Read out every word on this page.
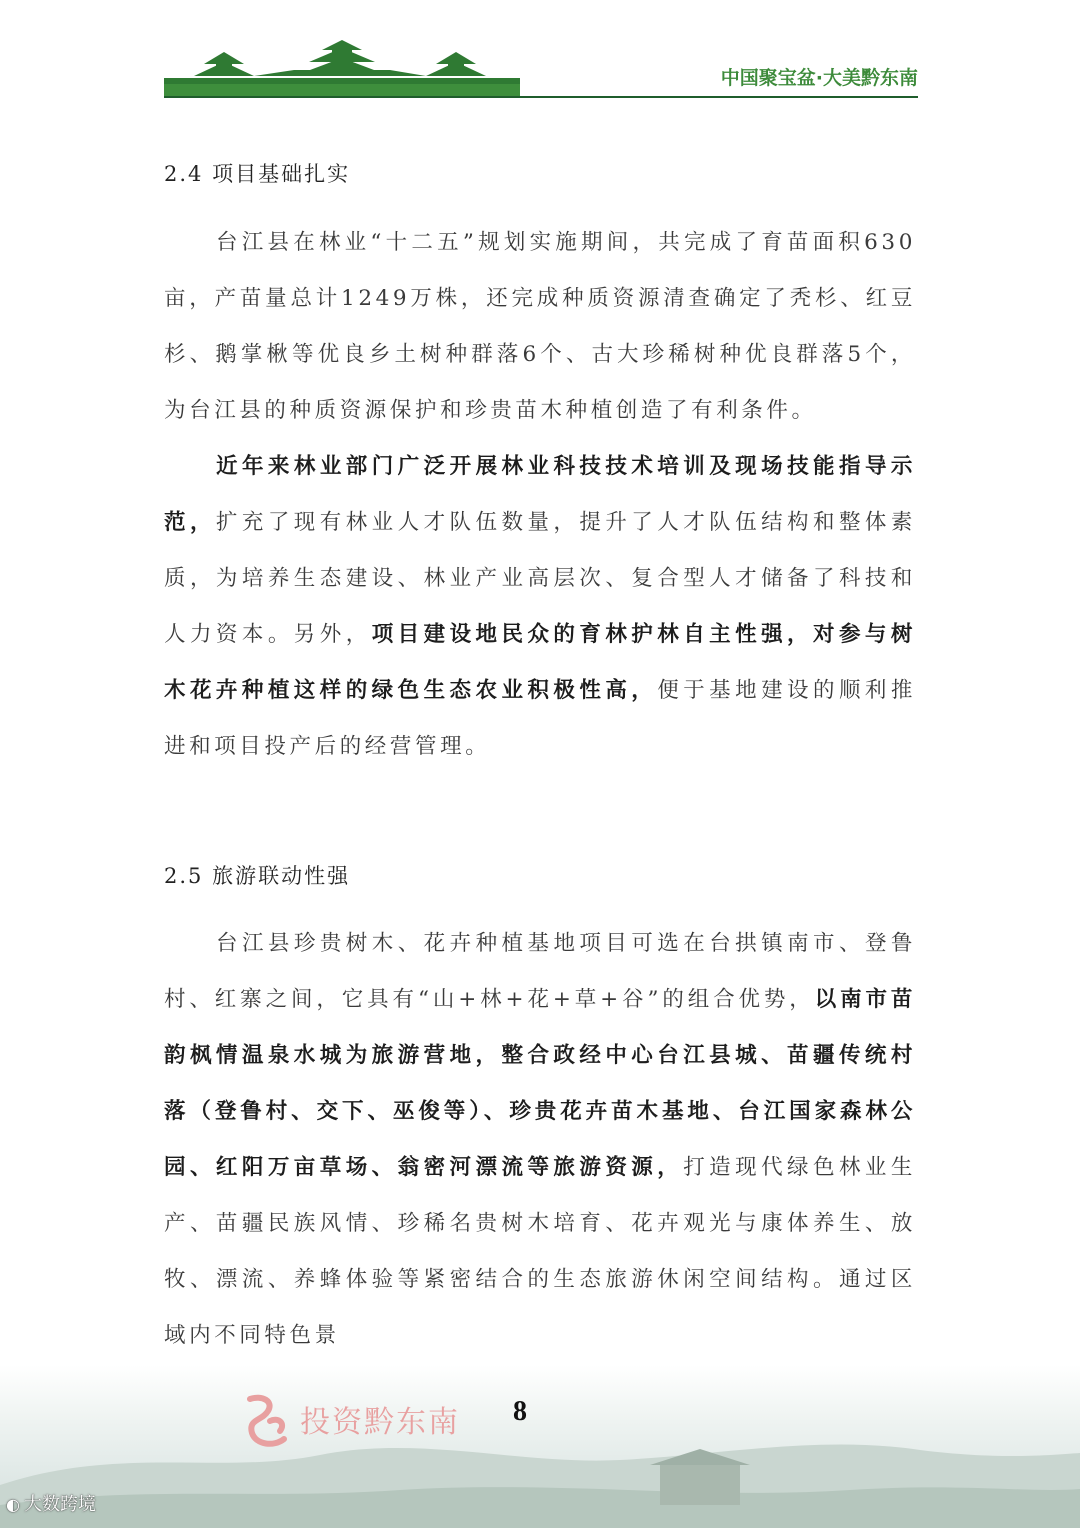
中国聚宝盆·大美黔东南
2.4 项目基础扎实

台江县在林业“十二五”规划实施期间，共完成了育苗面积630亩，产苗量总计1249万株，还完成种质资源清查确定了秃杉、红豆杉、鹅掌楸等优良乡土树种群落6个、古大珍稀树种优良群落5个，为台江县的种质资源保护和珍贵苗木种植创造了有利条件。

近年来林业部门广泛开展林业科技技术培训及现场技能指导示范，扩充了现有林业人才队伍数量，提升了人才队伍结构和整体素质，为培养生态建设、林业产业高层次、复合型人才储备了科技和人力资本。另外，项目建设地民众的育林护林自主性强，对参与树木花卉种植这样的绿色生态农业积极性高，便于基地建设的顺利推进和项目投产后的经营管理。

2.5 旅游联动性强

台江县珍贵树木、花卉种植基地项目可选在台拱镇南市、登鲁村、红寨之间，它具有“山+林+花+草+谷”的组合优势，以南市苗韵枫情温泉水城为旅游营地，整合政经中心台江县城、苗疆传统村落（登鲁村、交下、巫俊等）、珍贵花卉苗木基地、台江国家森林公园、红阳万亩草场、翁密河漂流等旅游资源，打造现代绿色林业生产、苗疆民族风情、珍稀名贵树木培育、花卉观光与康体养生、放牧、漂流、养蜂体验等紧密结合的生态旅游休闲空间结构。通过区域内不同特色景

投资黔东南 8
◐ 大数跨境
